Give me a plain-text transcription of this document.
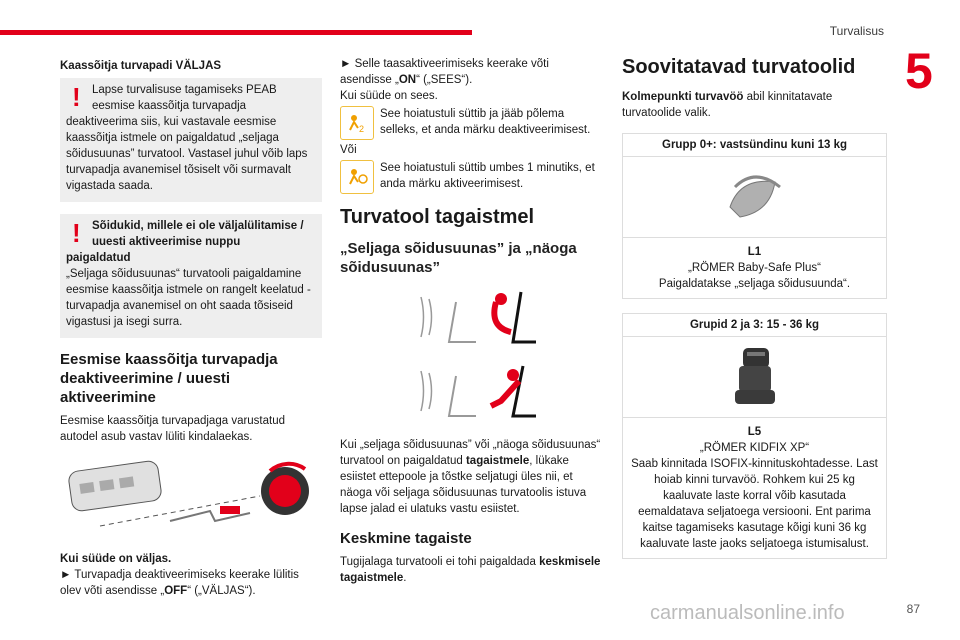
Turvalisus
5
Kaassõitja turvapadi VÄLJAS
! Lapse turvalisuse tagamiseks PEAB eesmise kaassõitja turvapadja
deaktiveerima siis, kui vastavale eesmise kaassõitja istmele on paigaldatud „seljaga sõidusuunas” turvatool. Vastasel juhul võib laps turvapadja avanemisel tõsiselt või surmavalt vigastada saada.
! Sõidukid, millele ei ole väljalülitamise / uuesti aktiveerimise nuppu
paigaldatud
„Seljaga sõidusuunas“ turvatooli paigaldamine eesmise kaassõitja istmele on rangelt keelatud - turvapadja avanemisel on oht saada tõsiseid vigastusi ja isegi surra.
Eesmise kaassõitja turvapadja deaktiveerimine / uuesti aktiveerimine

Eesmise kaassõitja turvapadjaga varustatud autodel asub vastav lüliti kindalaekas.

Kui süüde on väljas.

► Turvapadja deaktiveerimiseks keerake lülitis olev võti asendisse „OFF“ („VÄLJAS“).

► Selle taasaktiveerimiseks keerake võti asendisse „ON“ („SEES“).

Kui süüde on sees.

2
See hoiatustuli süttib ja jääb põlema selleks, et anda märku deaktiveerimisest.

Või

See hoiatustuli süttib umbes 1 minutiks, et anda märku aktiveerimisest.
Turvatool tagaistmel
„Seljaga sõidusuunas” ja „näoga sõidusuunas”

Kui „seljaga sõidusuunas” või „näoga sõidusuunas“ turvatool on paigaldatud tagaistmele, lükake esiistet ettepoole ja tõstke seljatugi üles nii, et näoga või seljaga sõidusuunas turvatoolis istuva lapse jalad ei ulatuks vastu esiistet.

Keskmine tagaiste

Tugijalaga turvatooli ei tohi paigaldada keskmisele tagaistmele.

Soovitatavad turvatoolid

Kolmepunkti turvavöö abil kinnitatavate turvatoolide valik.

Grupp 0+: vastsündinu kuni 13 kg
L1
„RÖMER Baby-Safe Plus“
Paigaldatakse „seljaga sõidusuunda“.
Grupid 2 ja 3: 15 - 36 kg
L5
„RÖMER KIDFIX XP“
Saab kinnitada ISOFIX-kinnituskohtadesse. Last hoiab kinni turvavöö. Rohkem kui 25 kg kaaluvate laste korral võib kasutada eemaldatava seljatoega versiooni. Ent parima kaitse tagamiseks kasutage kõigi kuni 36 kg kaaluvate laste jaoks seljatoega istumisalust.
carmanualsonline.info	87
